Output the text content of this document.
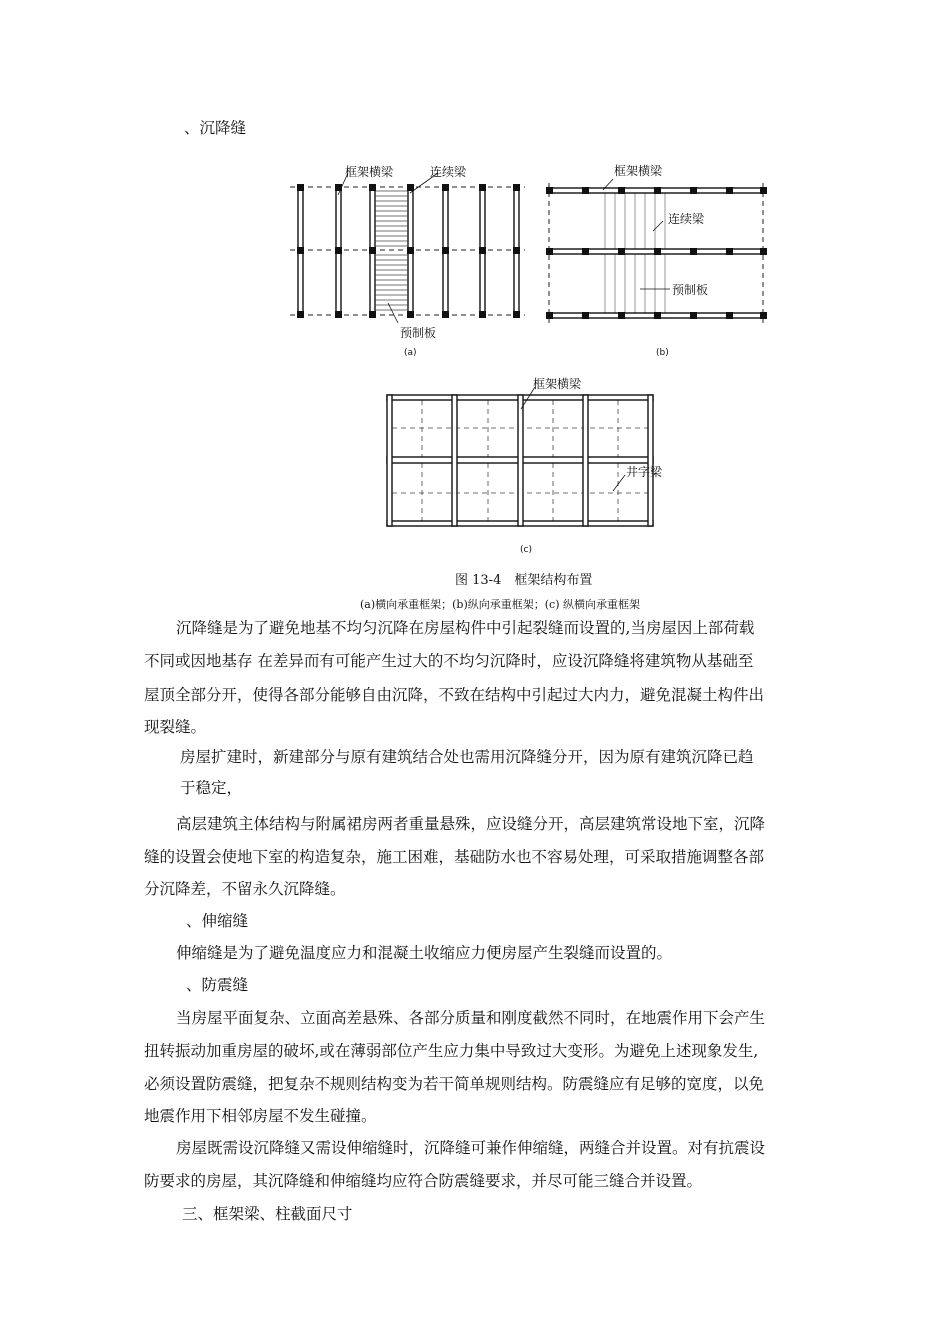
、沉降缝
框架横梁	连续梁
预制板
(a)
框架横梁
连续梁
预制板
(b)
框架横梁
井字梁
(c)
图 13-4　框架结构布置
(a)横向承重框架；(b)纵向承重框架；(c) 纵横向承重框架
沉降缝是为了避免地基不均匀沉降在房屋构件中引起裂缝而设置的,当房屋因上部荷载
不同或因地基存 在差异而有可能产生过大的不均匀沉降时，应设沉降缝将建筑物从基础至
屋顶全部分开，使得各部分能够自由沉降，不致在结构中引起过大内力，避免混凝土构件出
现裂缝。
房屋扩建时，新建部分与原有建筑结合处也需用沉降缝分开，因为原有建筑沉降已趋
于稳定，
高层建筑主体结构与附属裙房两者重量悬殊，应设缝分开，高层建筑常设地下室，沉降
缝的设置会使地下室的构造复杂，施工困难，基础防水也不容易处理，可采取措施调整各部
分沉降差，不留永久沉降缝。
、伸缩缝
伸缩缝是为了避免温度应力和混凝土收缩应力便房屋产生裂缝而设置的。
、防震缝
当房屋平面复杂、立面高差悬殊、各部分质量和刚度截然不同时，在地震作用下会产生
扭转振动加重房屋的破坏,或在薄弱部位产生应力集中导致过大变形。为避免上述现象发生,
必须设置防震缝，把复杂不规则结构变为若干简单规则结构。防震缝应有足够的宽度，以免
地震作用下相邻房屋不发生碰撞。
房屋既需设沉降缝又需设伸缩缝时，沉降缝可兼作伸缩缝，两缝合并设置。对有抗震设
防要求的房屋，其沉降缝和伸缩缝均应符合防震缝要求，并尽可能三缝合并设置。
三、框架梁、柱截面尺寸
